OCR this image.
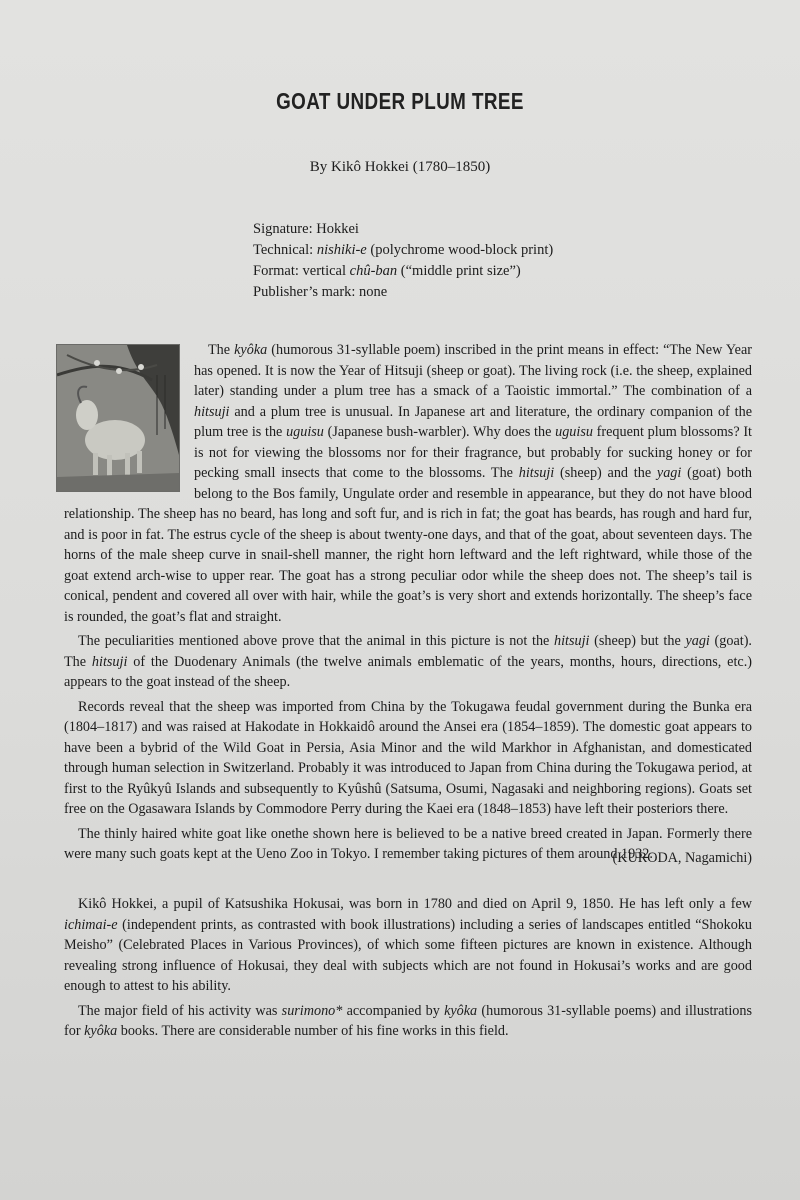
GOAT UNDER PLUM TREE
By Kikô Hokkei (1780–1850)
Signature: Hokkei
Technical: nishiki-e (polychrome wood-block print)
Format: vertical chû-ban (“middle print size”)
Publisher’s mark: none

The kyôka (humorous 31-syllable poem) inscribed in the print means in effect: “The New Year has opened. It is now the Year of Hitsuji (sheep or goat). The living rock (i.e. the sheep, explained later) standing under a plum tree has a smack of a Taoistic immortal.” The combination of a hitsuji and a plum tree is unusual. In Japanese art and literature, the ordinary companion of the plum tree is the uguisu (Japanese bush-warbler). Why does the uguisu frequent plum blossoms? It is not for viewing the blossoms nor for their fragrance, but probably for sucking honey or for pecking small insects that come to the blossoms. The hitsuji (sheep) and the yagi (goat) both belong to the Bos family, Ungulate order and resemble in appearance, but they do not have blood relationship. The sheep has no beard, has long and soft fur, and is rich in fat; the goat has beards, has rough and hard fur, and is poor in fat. The estrus cycle of the sheep is about twenty-one days, and that of the goat, about seventeen days. The horns of the male sheep curve in snail-shell manner, the right horn leftward and the left rightward, while those of the goat extend arch-wise to upper rear. The goat has a strong peculiar odor while the sheep does not. The sheep’s tail is conical, pendent and covered all over with hair, while the goat’s is very short and extends horizontally. The sheep’s face is rounded, the goat’s flat and straight.

The peculiarities mentioned above prove that the animal in this picture is not the hitsuji (sheep) but the yagi (goat). The hitsuji of the Duodenary Animals (the twelve animals emblematic of the years, months, hours, directions, etc.) appears to the goat instead of the sheep.

Records reveal that the sheep was imported from China by the Tokugawa feudal government during the Bunka era (1804–1817) and was raised at Hakodate in Hokkaidô around the Ansei era (1854–1859). The domestic goat appears to have been a bybrid of the Wild Goat in Persia, Asia Minor and the wild Markhor in Afghanistan, and domesticated through human selection in Switzerland. Probably it was introduced to Japan from China during the Tokugawa period, at first to the Ryûkyû Islands and subsequently to Kyûshû (Satsuma, Osumi, Nagasaki and neighboring regions). Goats set free on the Ogasawara Islands by Commodore Perry during the Kaei era (1848–1853) have left their posteriors there.

The thinly haired white goat like onethe shown here is believed to be a native breed created in Japan. Formerly there were many such goats kept at the Ueno Zoo in Tokyo. I remember taking pictures of them around 1932.

(KURODA, Nagamichi)

Kikô Hokkei, a pupil of Katsushika Hokusai, was born in 1780 and died on April 9, 1850. He has left only a few ichimai-e (independent prints, as contrasted with book illustrations) including a series of landscapes entitled “Shokoku Meisho” (Celebrated Places in Various Provinces), of which some fifteen pictures are known in existence. Although revealing strong influence of Hokusai, they deal with subjects which are not found in Hokusai’s works and are good enough to attest to his ability.

The major field of his activity was surimono* accompanied by kyôka (humorous 31-syllable poems) and illustrations for kyôka books. There are considerable number of his fine works in this field.
